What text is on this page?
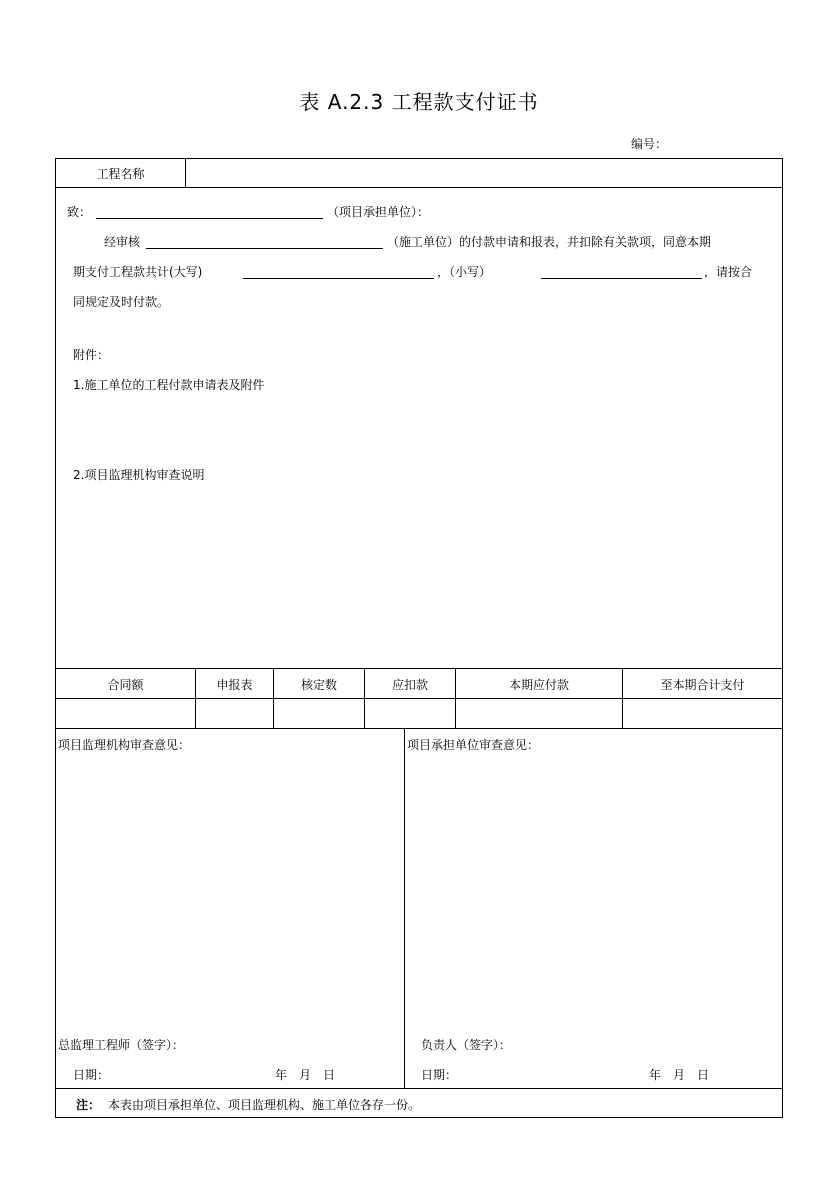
表 A.2.3 工程款支付证书
编号：
工程名称
致：	（项目承担单位）：
经审核	（施工单位）的付款申请和报表，并扣除有关款项，同意本期
期支付工程款共计(大写)	，（小写）	，请按合
同规定及时付款。
附件：
1.施工单位的工程付款申请表及附件
2.项目监理机构审查说明
合同额	申报表	核定数	应扣款	本期应付款	至本期合计支付
项目监理机构审查意见：
总监理工程师（签字）：
日期：	年　月　日
项目承担单位审查意见：
负责人（签字）：
日期：	年　月　日
注： 本表由项目承担单位、项目监理机构、施工单位各存一份。
